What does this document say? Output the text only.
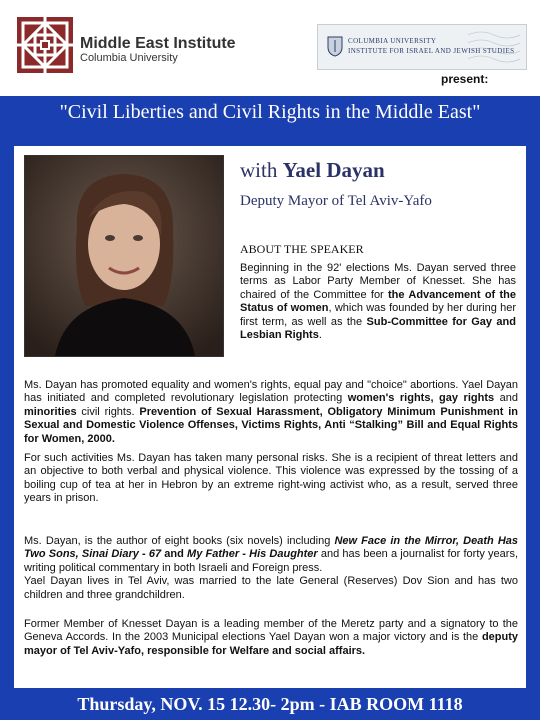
Middle East Institute
Columbia University
COLUMBIA UNIVERSITY
INSTITUTE FOR ISRAEL AND JEWISH STUDIES
present:
"Civil Liberties and Civil Rights in the Middle East"
with Yael Dayan
Deputy Mayor of Tel Aviv-Yafo
ABOUT THE SPEAKER
Beginning in the 92' elections Ms. Dayan served three terms as Labor Party Member of Knesset. She has chaired of the Committee for the Advancement of the Status of women, which was founded by her during her first term, as well as the Sub-Committee for Gay and Lesbian Rights.
Ms. Dayan has promoted equality and women's rights, equal pay and "choice" abortions. Yael Dayan has initiated and completed revolutionary legislation protecting women's rights, gay rights and minorities civil rights. Prevention of Sexual Harassment, Obligatory Minimum Punishment in Sexual and Domestic Violence Offenses, Victims Rights, Anti “Stalking” Bill and Equal Rights for Women, 2000.
For such activities Ms. Dayan has taken many personal risks. She is a recipient of threat letters and an objective to both verbal and physical violence. This violence was expressed by the tossing of a boiling cup of tea at her in Hebron by an extreme right-wing activist who, as a result, served three years in prison.
Ms. Dayan, is the author of eight books (six novels) including New Face in the Mirror, Death Has Two Sons, Sinai Diary - 67 and My Father - His Daughter and has been a journalist for forty years, writing political commentary in both Israeli and Foreign press.
Yael Dayan lives in Tel Aviv, was married to the late General (Reserves) Dov Sion and has two children and three grandchildren.
Former Member of Knesset Dayan is a leading member of the Meretz party and a signatory to the Geneva Accords. In the 2003 Municipal elections Yael Dayan won a major victory and is the deputy mayor of Tel Aviv-Yafo, responsible for Welfare and social affairs.
Thursday, NOV. 15 12.30- 2pm - IAB ROOM 1118
